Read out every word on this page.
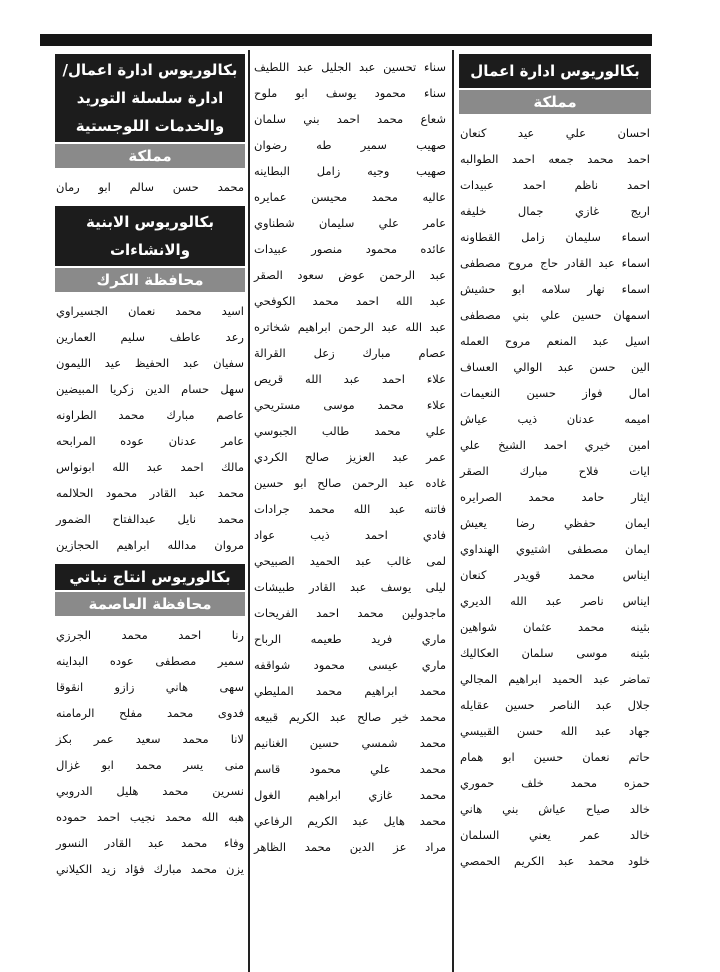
بكالوريوس ادارة اعمال
مملكة
احسان علي عيد كنعان
احمد محمد جمعه احمد الطوالبه
احمد ناظم احمد عبيدات
اريج غازي جمال خليفه
اسماء سليمان زامل القطاونه
اسماء عبد القادر حاج مروح مصطفى
اسماء نهار سلامه ابو حشيش
اسمهان حسين علي بني مصطفى
اسيل عبد المنعم مروح العمله
الين حسن عبد الوالي العساف
امال فواز حسين النعيمات
اميمه عدنان ذيب عياش
امين خيري احمد الشيخ علي
ايات فلاح مبارك الصقر
ايثار حامد محمد الصرايره
ايمان حفظي رضا يعيش
ايمان مصطفى اشتيوي الهنداوي
ايناس محمد قويدر كنعان
ايناس ناصر عبد الله الديري
بثينه محمد عثمان شواهين
بثينه موسى سلمان العكاليك
تماضر عبد الحميد ابراهيم المجالي
جلال عبد الناصر حسين عقايله
جهاد عبد الله حسن القبيسي
حاتم نعمان حسين ابو همام
حمزه محمد خلف حموري
خالد صياح عياش بني هاني
خالد عمر يعني السلمان
خلود محمد عبد الكريم الحمصي
سناء تحسين عبد الجليل عبد اللطيف
سناء محمود يوسف ابو ملوح
شعاع محمد احمد بني سلمان
صهيب سمير طه رضوان
صهيب وجيه زامل البطاينه
عاليه محمد محيسن عمايره
عامر علي سليمان شطناوي
عائده محمود منصور عبيدات
عبد الرحمن عوض سعود الصقر
عبد الله احمد محمد الكوفحي
عبد الله عبد الرحمن ابراهيم شخاتره
عصام مبارك زعل القرالة
علاء احمد عبد الله قريص
علاء محمد موسى مستريحي
علي محمد طالب الجبوسي
عمر عبد العزيز صالح الكردي
غاده عبد الرحمن صالح ابو حسين
فاتنه عبد الله محمد جرادات
فادي احمد ذيب عواد
لمى غالب عبد الحميد الصبيحي
ليلى يوسف عبد القادر طبيشات
ماجدولين محمد احمد الفريحات
ماري فريد طعيمه الرباح
ماري عيسى محمود شواقفه
محمد ابراهيم محمد المليطي
محمد خير صالح عبد الكريم قبيعه
محمد شمسي حسين الغنانيم
محمد علي محمود قاسم
محمد غازي ابراهيم الغول
محمد هايل عبد الكريم الرفاعي
مراد عز الدين محمد الظاهر
بكالوريوس ادارة اعمال/
ادارة سلسلة التوريد
والخدمات اللوجستية
مملكة
محمد حسن سالم ابو رمان
بكالوريوس الابنية
والانشاءات
محافظة الكرك
اسيد محمد نعمان الجسيراوي
رعد عاطف سليم العمارين
سفيان عبد الحفيظ عيد الليمون
سهل حسام الدين زكريا المبيضين
عاصم مبارك محمد الطراونه
عامر عدنان عوده المرابحه
مالك احمد عبد الله ابونواس
محمد عبد القادر محمود الحلالمه
محمد نايل عبدالفتاح الضمور
مروان مدالله ابراهيم الحجازين
بكالوريوس انتاج نباتي
محافظة العاصمة
رنا احمد محمد الجرزي
سمير مصطفى عوده البداينه
سهى هاني زازو انقوقا
فدوى محمد مفلح الرمامنه
لانا محمد سعيد عمر بكز
منى يسر محمد ابو غزال
نسرين محمد هليل الدروبي
هبه الله محمد نجيب احمد حموده
وفاء محمد عبد القادر النسور
يزن محمد مبارك فؤاد زيد الكيلاني
